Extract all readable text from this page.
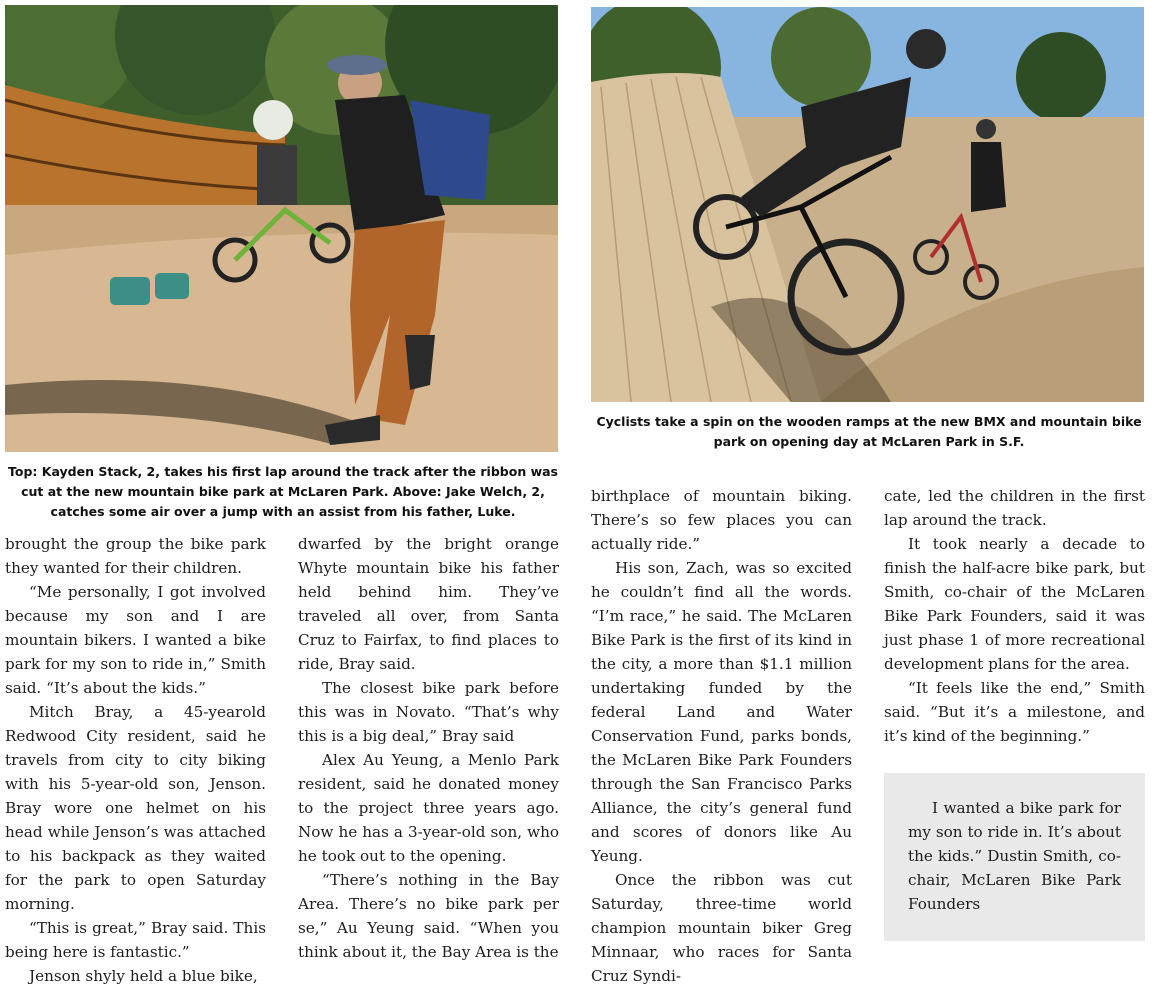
Top: Kayden Stack, 2, takes his first lap around the track after the ribbon was cut at the new mountain bike park at McLaren Park. Above: Jake Welch, 2, catches some air over a jump with an assist from his father, Luke.
Cyclists take a spin on the wooden ramps at the new BMX and mountain bike park on opening day at McLaren Park in S.F.

brought the group the bike park they wanted for their children.

“Me personally, I got involved because my son and I are mountain bikers. I wanted a bike park for my son to ride in,” Smith said. “It’s about the kids.”

Mitch Bray, a 45-yearold Redwood City resident, said he travels from city to city biking with his 5-year-old son, Jenson. Bray wore one helmet on his head while Jenson’s was attached to his backpack as they waited for the park to open Saturday morning.

“This is great,” Bray said. This being here is fantastic.”

Jenson shyly held a blue bike,

dwarfed by the bright orange Whyte mountain bike his father held behind him. They’ve traveled all over, from Santa Cruz to Fairfax, to find places to ride, Bray said.

The closest bike park before this was in Novato. “That’s why this is a big deal,” Bray said

Alex Au Yeung, a Menlo Park resident, said he donated money to the project three years ago. Now he has a 3-year-old son, who he took out to the opening.

“There’s nothing in the Bay Area. There’s no bike park per se,” Au Yeung said. “When you think about it, the Bay Area is the

birthplace of mountain biking. There’s so few places you can actually ride.”

His son, Zach, was so excited he couldn’t find all the words. “I’m race,” he said. The McLaren Bike Park is the first of its kind in the city, a more than $1.1 million undertaking funded by the federal Land and Water Conservation Fund, parks bonds, the McLaren Bike Park Founders through the San Francisco Parks Alliance, the city’s general fund and scores of donors like Au Yeung.

Once the ribbon was cut Saturday, three-time world champion mountain biker Greg Minnaar, who races for Santa Cruz Syndi-

cate, led the children in the first lap around the track.

It took nearly a decade to finish the half-acre bike park, but Smith, co-chair of the McLaren Bike Park Founders, said it was just phase 1 of more recreational development plans for the area.

“It feels like the end,” Smith said. “But it’s a milestone, and it’s kind of the beginning.”

I wanted a bike park for my son to ride in. It’s about the kids.” Dustin Smith, co-chair, McLaren Bike Park Founders
